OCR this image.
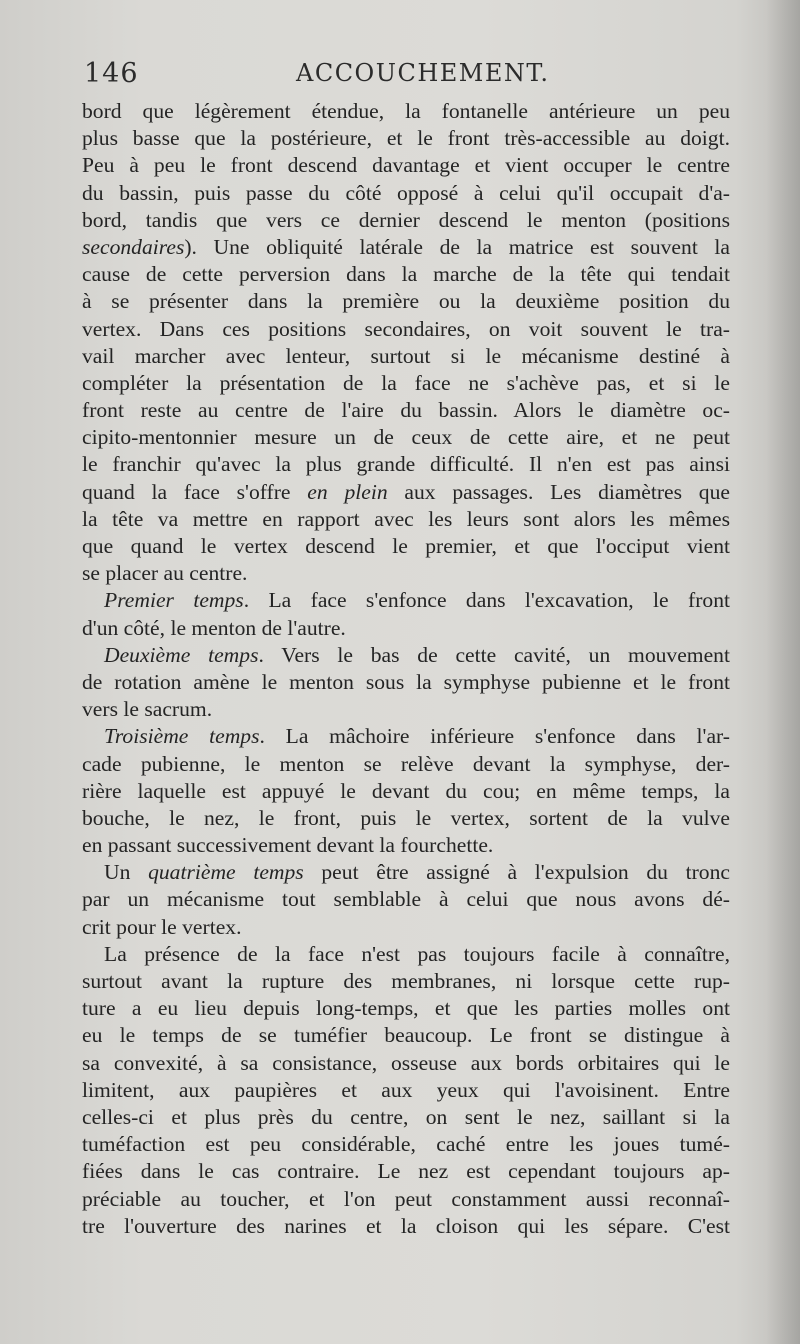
146	ACCOUCHEMENT.
bord que légèrement étendue, la fontanelle antérieure un peu
plus basse que la postérieure, et le front très-accessible au doigt.
Peu à peu le front descend davantage et vient occuper le centre
du bassin, puis passe du côté opposé à celui qu'il occupait d'a-
bord, tandis que vers ce dernier descend le menton (positions
secondaires). Une obliquité latérale de la matrice est souvent la
cause de cette perversion dans la marche de la tête qui tendait
à se présenter dans la première ou la deuxième position du
vertex. Dans ces positions secondaires, on voit souvent le tra-
vail marcher avec lenteur, surtout si le mécanisme destiné à
compléter la présentation de la face ne s'achève pas, et si le
front reste au centre de l'aire du bassin. Alors le diamètre oc-
cipito-mentonnier mesure un de ceux de cette aire, et ne peut
le franchir qu'avec la plus grande difficulté. Il n'en est pas ainsi
quand la face s'offre en plein aux passages. Les diamètres que
la tête va mettre en rapport avec les leurs sont alors les mêmes
que quand le vertex descend le premier, et que l'occiput vient
se placer au centre.
Premier temps. La face s'enfonce dans l'excavation, le front
d'un côté, le menton de l'autre.
Deuxième temps. Vers le bas de cette cavité, un mouvement
de rotation amène le menton sous la symphyse pubienne et le front
vers le sacrum.
Troisième temps. La mâchoire inférieure s'enfonce dans l'ar-
cade pubienne, le menton se relève devant la symphyse, der-
rière laquelle est appuyé le devant du cou; en même temps, la
bouche, le nez, le front, puis le vertex, sortent de la vulve
en passant successivement devant la fourchette.
Un quatrième temps peut être assigné à l'expulsion du tronc
par un mécanisme tout semblable à celui que nous avons dé-
crit pour le vertex.
La présence de la face n'est pas toujours facile à connaître,
surtout avant la rupture des membranes, ni lorsque cette rup-
ture a eu lieu depuis long-temps, et que les parties molles ont
eu le temps de se tuméfier beaucoup. Le front se distingue à
sa convexité, à sa consistance, osseuse aux bords orbitaires qui le
limitent, aux paupières et aux yeux qui l'avoisinent. Entre
celles-ci et plus près du centre, on sent le nez, saillant si la
tuméfaction est peu considérable, caché entre les joues tumé-
fiées dans le cas contraire. Le nez est cependant toujours ap-
préciable au toucher, et l'on peut constamment aussi reconnaî-
tre l'ouverture des narines et la cloison qui les sépare. C'est
